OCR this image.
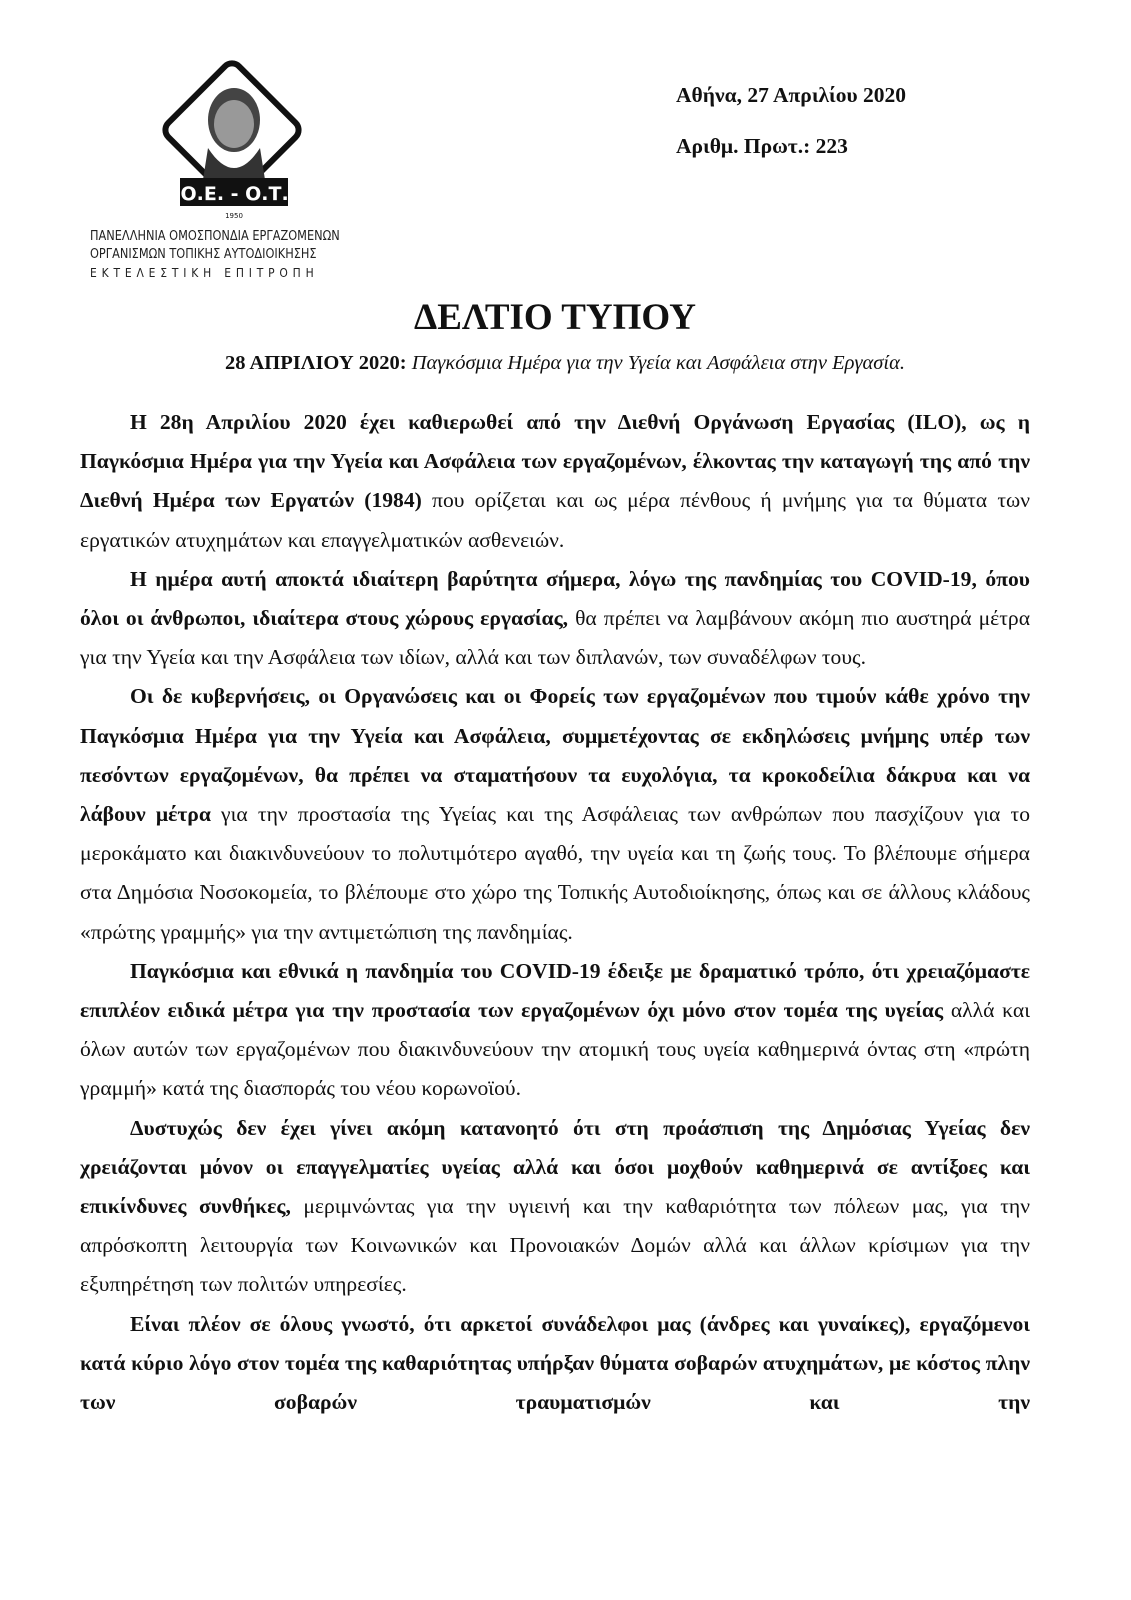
Π.Ο.Ε. - Ο.Τ.Α.
1950
ΠΑΝΕΛΛΗΝΙΑ ΟΜΟΣΠΟΝΔΙΑ ΕΡΓΑΖΟΜΕΝΩΝ
ΟΡΓΑΝΙΣΜΩΝ ΤΟΠΙΚΗΣ ΑΥΤΟΔΙΟΙΚΗΣΗΣ
ΕΚΤΕΛΕΣΤΙΚΗ ΕΠΙΤΡΟΠΗ
Αθήνα, 27 Απριλίου 2020
Αριθμ. Πρωτ.: 223
ΔΕΛΤΙΟ ΤΥΠΟΥ
28 ΑΠΡΙΛΙΟΥ 2020: Παγκόσμια Ημέρα για την Υγεία και Ασφάλεια στην Εργασία.

Η 28η Απριλίου 2020 έχει καθιερωθεί από την Διεθνή Οργάνωση Εργασίας (ILO), ως η Παγκόσμια Ημέρα για την Υγεία και Ασφάλεια των εργαζομένων, έλκοντας την καταγωγή της από την Διεθνή Ημέρα των Εργατών (1984) που ορίζεται και ως μέρα πένθους ή μνήμης για τα θύματα των εργατικών ατυχημάτων και επαγγελματικών ασθενειών.

Η ημέρα αυτή αποκτά ιδιαίτερη βαρύτητα σήμερα, λόγω της πανδημίας του COVID-19, όπου όλοι οι άνθρωποι, ιδιαίτερα στους χώρους εργασίας, θα πρέπει να λαμβάνουν ακόμη πιο αυστηρά μέτρα για την Υγεία και την Ασφάλεια των ιδίων, αλλά και των διπλανών, των συναδέλφων τους.

Οι δε κυβερνήσεις, οι Οργανώσεις και οι Φορείς των εργαζομένων που τιμούν κάθε χρόνο την Παγκόσμια Ημέρα για την Υγεία και Ασφάλεια, συμμετέχοντας σε εκδηλώσεις μνήμης υπέρ των πεσόντων εργαζομένων, θα πρέπει να σταματήσουν τα ευχολόγια, τα κροκοδείλια δάκρυα και να λάβουν μέτρα για την προστασία της Υγείας και της Ασφάλειας των ανθρώπων που πασχίζουν για το μεροκάματο και διακινδυνεύουν το πολυτιμότερο αγαθό, την υγεία και τη ζωής τους. Το βλέπουμε σήμερα στα Δημόσια Νοσοκομεία, το βλέπουμε στο χώρο της Τοπικής Αυτοδιοίκησης, όπως και σε άλλους κλάδους «πρώτης γραμμής» για την αντιμετώπιση της πανδημίας.

Παγκόσμια και εθνικά η πανδημία του COVID-19 έδειξε με δραματικό τρόπο, ότι χρειαζόμαστε επιπλέον ειδικά μέτρα για την προστασία των εργαζομένων όχι μόνο στον τομέα της υγείας αλλά και όλων αυτών των εργαζομένων που διακινδυνεύουν την ατομική τους υγεία καθημερινά όντας στη «πρώτη γραμμή» κατά της διασποράς του νέου κορωνοϊού.

Δυστυχώς δεν έχει γίνει ακόμη κατανοητό ότι στη προάσπιση της Δημόσιας Υγείας δεν χρειάζονται μόνον οι επαγγελματίες υγείας αλλά και όσοι μοχθούν καθημερινά σε αντίξοες και επικίνδυνες συνθήκες, μεριμνώντας για την υγιεινή και την καθαριότητα των πόλεων μας, για την απρόσκοπτη λειτουργία των Κοινωνικών και Προνοιακών Δομών αλλά και άλλων κρίσιμων για την εξυπηρέτηση των πολιτών υπηρεσίες.

Είναι πλέον σε όλους γνωστό, ότι αρκετοί συνάδελφοι μας (άνδρες και γυναίκες), εργαζόμενοι κατά κύριο λόγο στον τομέα της καθαριότητας υπήρξαν θύματα σοβαρών ατυχημάτων, με κόστος πλην των σοβαρών τραυματισμών και την
